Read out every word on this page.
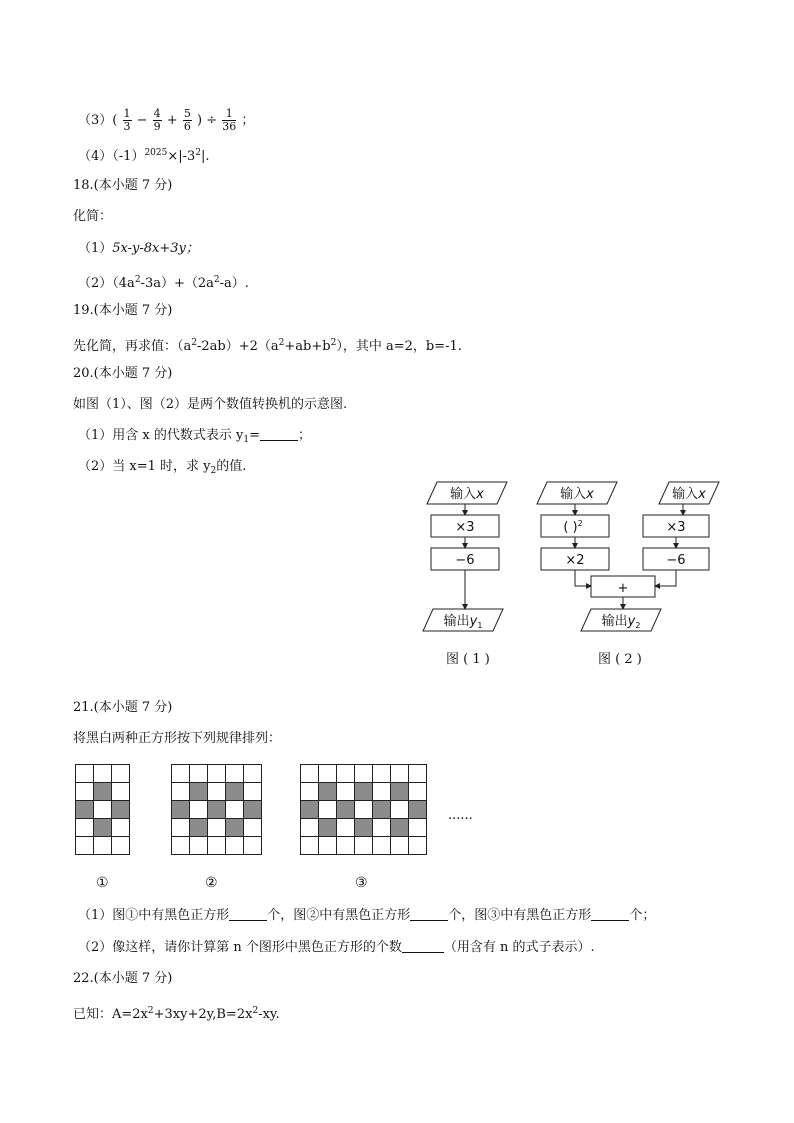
$(3)( \frac{1}{3} - \frac{4}{9} + \frac{5}{6}$ ) ÷ $\frac{1}{36}$ ；
$(4)(-1)^{2025}\times|-3^2|$.
18.(本小题 7 分)
化简：
（1）5x-y-8x+3y；
$(2)(4a^2-3a)+(2a^2-a)$.
19.(本小题 7 分)
先化简，再求值：$(a^2-2ab)+2(a^2+ab+b^2)$，其中 a=2，b=-1.
20.(本小题 7 分)
如图（1）、图（2）是两个数值转换机的示意图.
（1）用含 x 的代数式表示 $y_1=$	；
（2）当 x=1 时，求 $y_2$的值.
输入x
×3
−6
输出$y_1$
输入x
( )$^2$
×2
输入x
×3
−6
+
输出$y_2$
图 ( 1 )	图 ( 2 )
21.(本小题 7 分)
将黑白两种正方形按下列规律排列：

......
①	②	③
（1）图①中有黑色正方形	个，图②中有黑色正方形	个，图③中有黑色正方形	个；
（2）像这样，请你计算第 n 个图形中黑色正方形的个数	（用含有 n 的式子表示）.
22.(本小题 7 分)
已知：$A=2x^2+3xy+2y,B=2x^2-xy$.
